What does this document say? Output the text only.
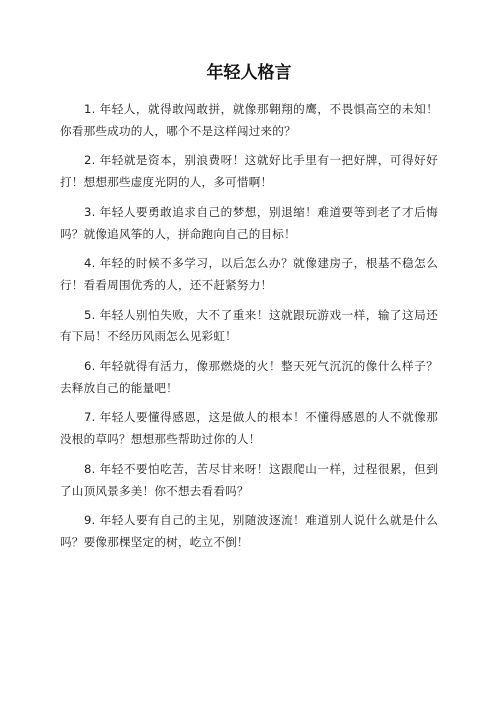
年轻人格言

1. 年轻人，就得敢闯敢拼，就像那翱翔的鹰，不畏惧高空的未知！你看那些成功的人，哪个不是这样闯过来的？

2. 年轻就是资本，别浪费呀！这就好比手里有一把好牌，可得好好打！想想那些虚度光阴的人，多可惜啊！

3. 年轻人要勇敢追求自己的梦想，别退缩！难道要等到老了才后悔吗？就像追风筝的人，拼命跑向自己的目标！

4. 年轻的时候不多学习，以后怎么办？就像建房子，根基不稳怎么行！看看周围优秀的人，还不赶紧努力！

5. 年轻人别怕失败，大不了重来！这就跟玩游戏一样，输了这局还有下局！不经历风雨怎么见彩虹！

6. 年轻就得有活力，像那燃烧的火！整天死气沉沉的像什么样子？去释放自己的能量吧！

7. 年轻人要懂得感恩，这是做人的根本！不懂得感恩的人不就像那没根的草吗？想想那些帮助过你的人！

8. 年轻不要怕吃苦，苦尽甘来呀！这跟爬山一样，过程很累，但到了山顶风景多美！你不想去看看吗？

9. 年轻人要有自己的主见，别随波逐流！难道别人说什么就是什么吗？要像那棵坚定的树，屹立不倒！
